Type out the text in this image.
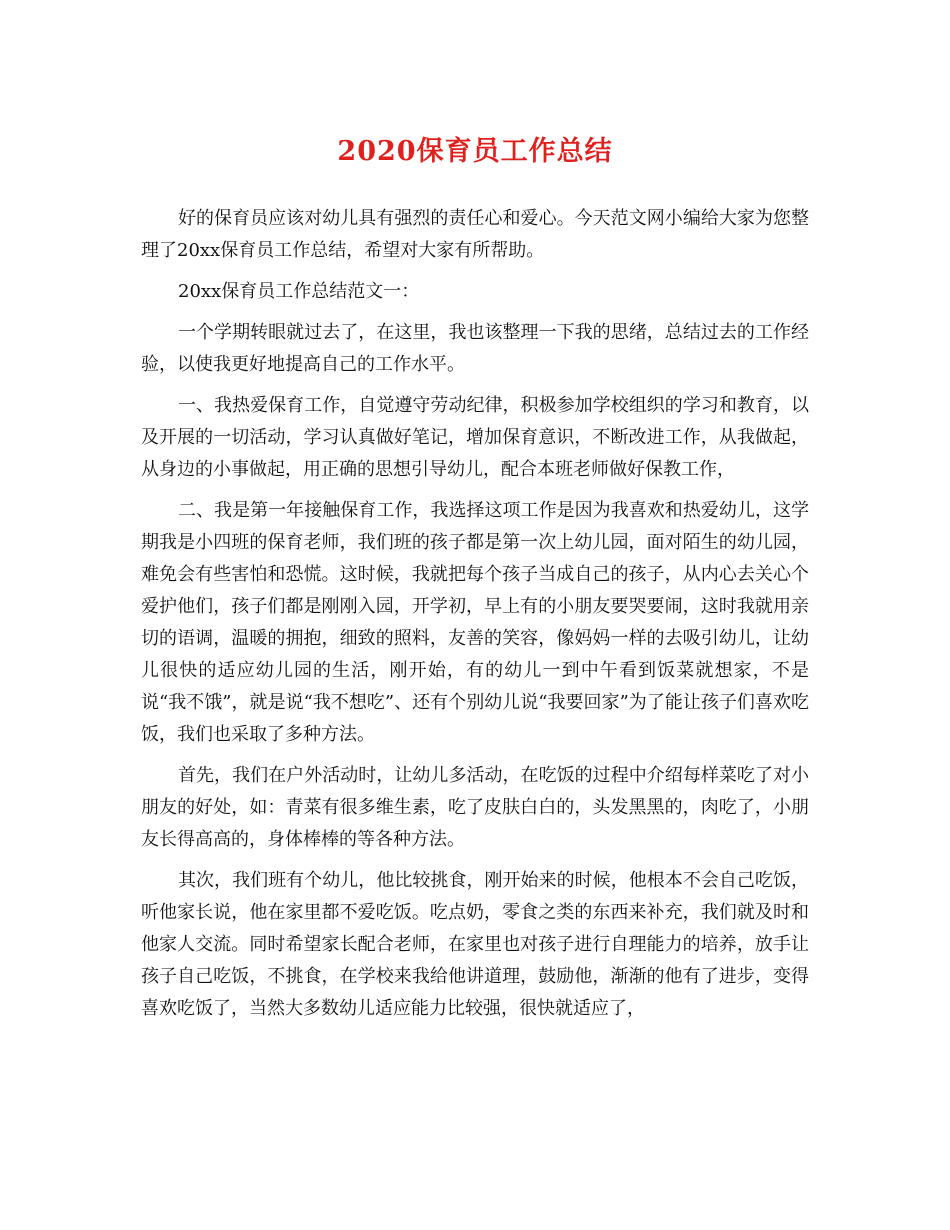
2020保育员工作总结

好的保育员应该对幼儿具有强烈的责任心和爱心。今天范文网小编给大家为您整理了20xx保育员工作总结，希望对大家有所帮助。

20xx保育员工作总结范文一：

一个学期转眼就过去了，在这里，我也该整理一下我的思绪，总结过去的工作经验，以使我更好地提高自己的工作水平。

一、我热爱保育工作，自觉遵守劳动纪律，积极参加学校组织的学习和教育，以及开展的一切活动，学习认真做好笔记，增加保育意识，不断改进工作，从我做起，从身边的小事做起，用正确的思想引导幼儿，配合本班老师做好保教工作，

二、我是第一年接触保育工作，我选择这项工作是因为我喜欢和热爱幼儿，这学期我是小四班的保育老师，我们班的孩子都是第一次上幼儿园，面对陌生的幼儿园，难免会有些害怕和恐慌。这时候，我就把每个孩子当成自己的孩子，从内心去关心个爱护他们，孩子们都是刚刚入园，开学初，早上有的小朋友要哭要闹，这时我就用亲切的语调，温暖的拥抱，细致的照料，友善的笑容，像妈妈一样的去吸引幼儿，让幼儿很快的适应幼儿园的生活，刚开始，有的幼儿一到中午看到饭菜就想家，不是说“我不饿”，就是说“我不想吃”、还有个别幼儿说“我要回家”为了能让孩子们喜欢吃饭，我们也采取了多种方法。

首先，我们在户外活动时，让幼儿多活动，在吃饭的过程中介绍每样菜吃了对小朋友的好处，如：青菜有很多维生素，吃了皮肤白白的，头发黑黑的，肉吃了，小朋友长得高高的，身体棒棒的等各种方法。

其次，我们班有个幼儿，他比较挑食，刚开始来的时候，他根本不会自己吃饭，听他家长说，他在家里都不爱吃饭。吃点奶，零食之类的东西来补充，我们就及时和他家人交流。同时希望家长配合老师，在家里也对孩子进行自理能力的培养，放手让孩子自己吃饭，不挑食，在学校来我给他讲道理，鼓励他，渐渐的他有了进步，变得喜欢吃饭了，当然大多数幼儿适应能力比较强，很快就适应了，
